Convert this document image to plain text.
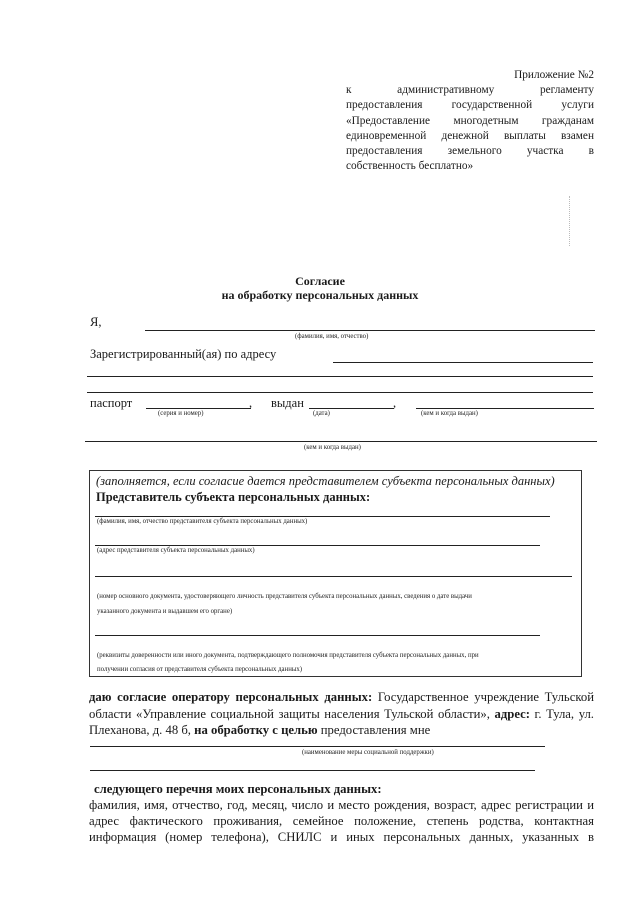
Приложение №2
к административному регламенту
предоставления государственной услуги
«Предоставление многодетным гражданам
единовременной денежной выплаты взамен
предоставления земельного участка в
собственность бесплатно»
Согласие
на обработку персональных данных
Я,
(фамилия, имя, отчество)
Зарегистрированный(ая) по адресу
паспорт	, выдан	,
(серия и номер)	(дата)	(кем и когда выдан)
(кем и когда выдан)
(заполняется, если согласие дается представителем субъекта персональных данных)
Представитель субъекта персональных данных:
(фамилия, имя, отчество представителя субъекта персональных данных)
(адрес представителя субъекта персональных данных)
(номер основного документа, удостоверяющего личность представителя субъекта персональных данных, сведения о дате выдачи
указанного документа и выдавшем его органе)
(реквизиты доверенности или иного документа, подтверждающего полномочия представителя субъекта персональных данных, при
получении согласия от представителя субъекта персональных данных)
даю согласие оператору персональных данных: Государственное учреждение Тульской области «Управление социальной защиты населения Тульской области», адрес: г. Тула, ул. Плеханова, д. 48 б, на обработку с целью предоставления мне
(наименование меры социальной поддержки)
следующего перечня моих персональных данных:
фамилия, имя, отчество, год, месяц, число и место рождения, возраст, адрес регистрации и
адрес фактического проживания, семейное положение, степень родства, контактная
информация (номер телефона), СНИЛС и иных персональных данных, указанных в
